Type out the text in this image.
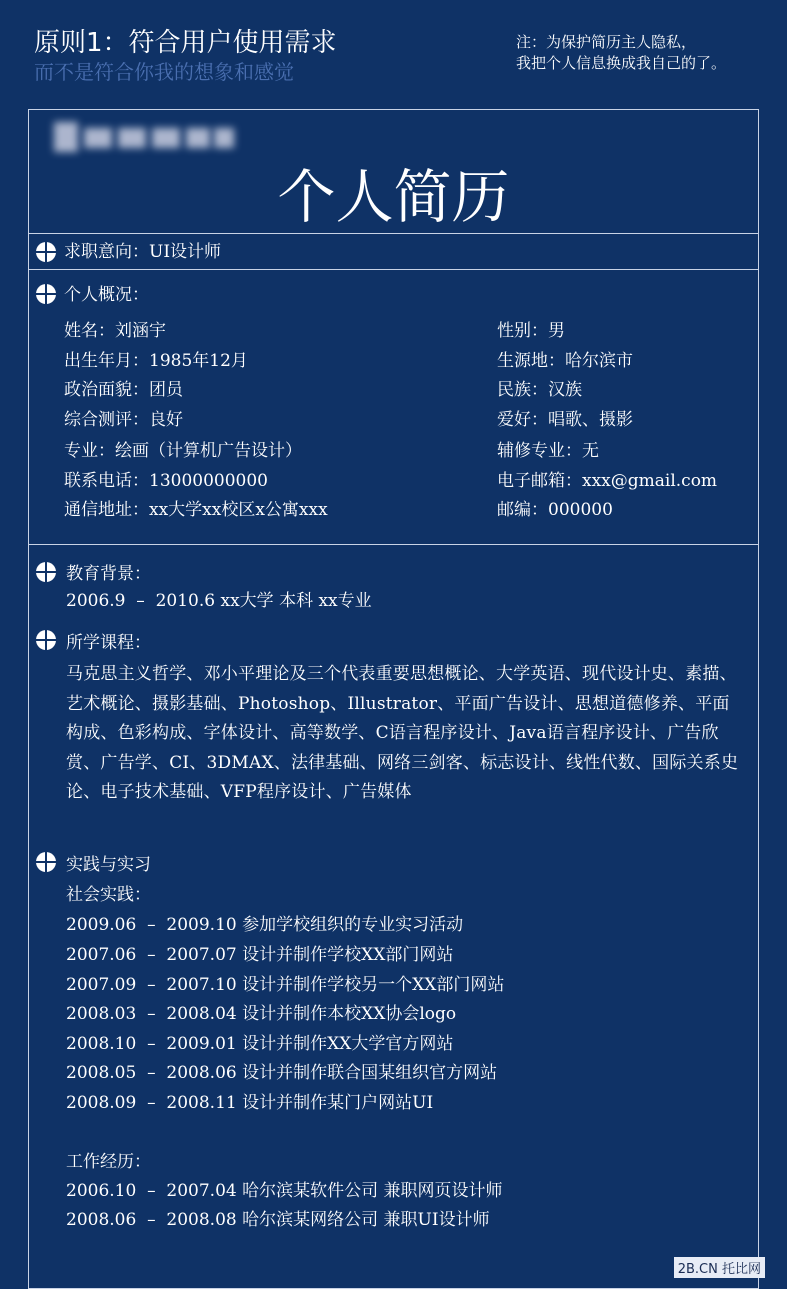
原则1：符合用户使用需求
而不是符合你我的想象和感觉
注：为保护简历主人隐私，
我把个人信息换成我自己的了。
个人简历
求职意向：UI设计师
个人概况：
姓名：刘涵宇
出生年月：1985年12月
政治面貌：团员
综合测评：良好
专业：绘画（计算机广告设计）
联系电话：13000000000
通信地址：xx大学xx校区x公寓xxx
性别：男
生源地：哈尔滨市
民族：汉族
爱好：唱歌、摄影
辅修专业：无
电子邮箱：xxx@gmail.com
邮编：000000
教育背景：
2006.9  –  2010.6 xx大学 本科 xx专业
所学课程：
马克思主义哲学、邓小平理论及三个代表重要思想概论、大学英语、现代设计史、素描、艺术概论、摄影基础、Photoshop、Illustrator、平面广告设计、思想道德修养、平面构成、色彩构成、字体设计、高等数学、C语言程序设计、Java语言程序设计、广告欣赏、广告学、CI、3DMAX、法律基础、网络三剑客、标志设计、线性代数、国际关系史论、电子技术基础、VFP程序设计、广告媒体
实践与实习
社会实践：
2009.06  –  2009.10 参加学校组织的专业实习活动
2007.06  –  2007.07 设计并制作学校XX部门网站
2007.09  –  2007.10 设计并制作学校另一个XX部门网站
2008.03  –  2008.04 设计并制作本校XX协会logo
2008.10  –  2009.01 设计并制作XX大学官方网站
2008.05  –  2008.06 设计并制作联合国某组织官方网站
2008.09  –  2008.11 设计并制作某门户网站UI
工作经历：
2006.10  –  2007.04 哈尔滨某软件公司 兼职网页设计师
2008.06  –  2008.08 哈尔滨某网络公司 兼职UI设计师
2B.CN 托比网
